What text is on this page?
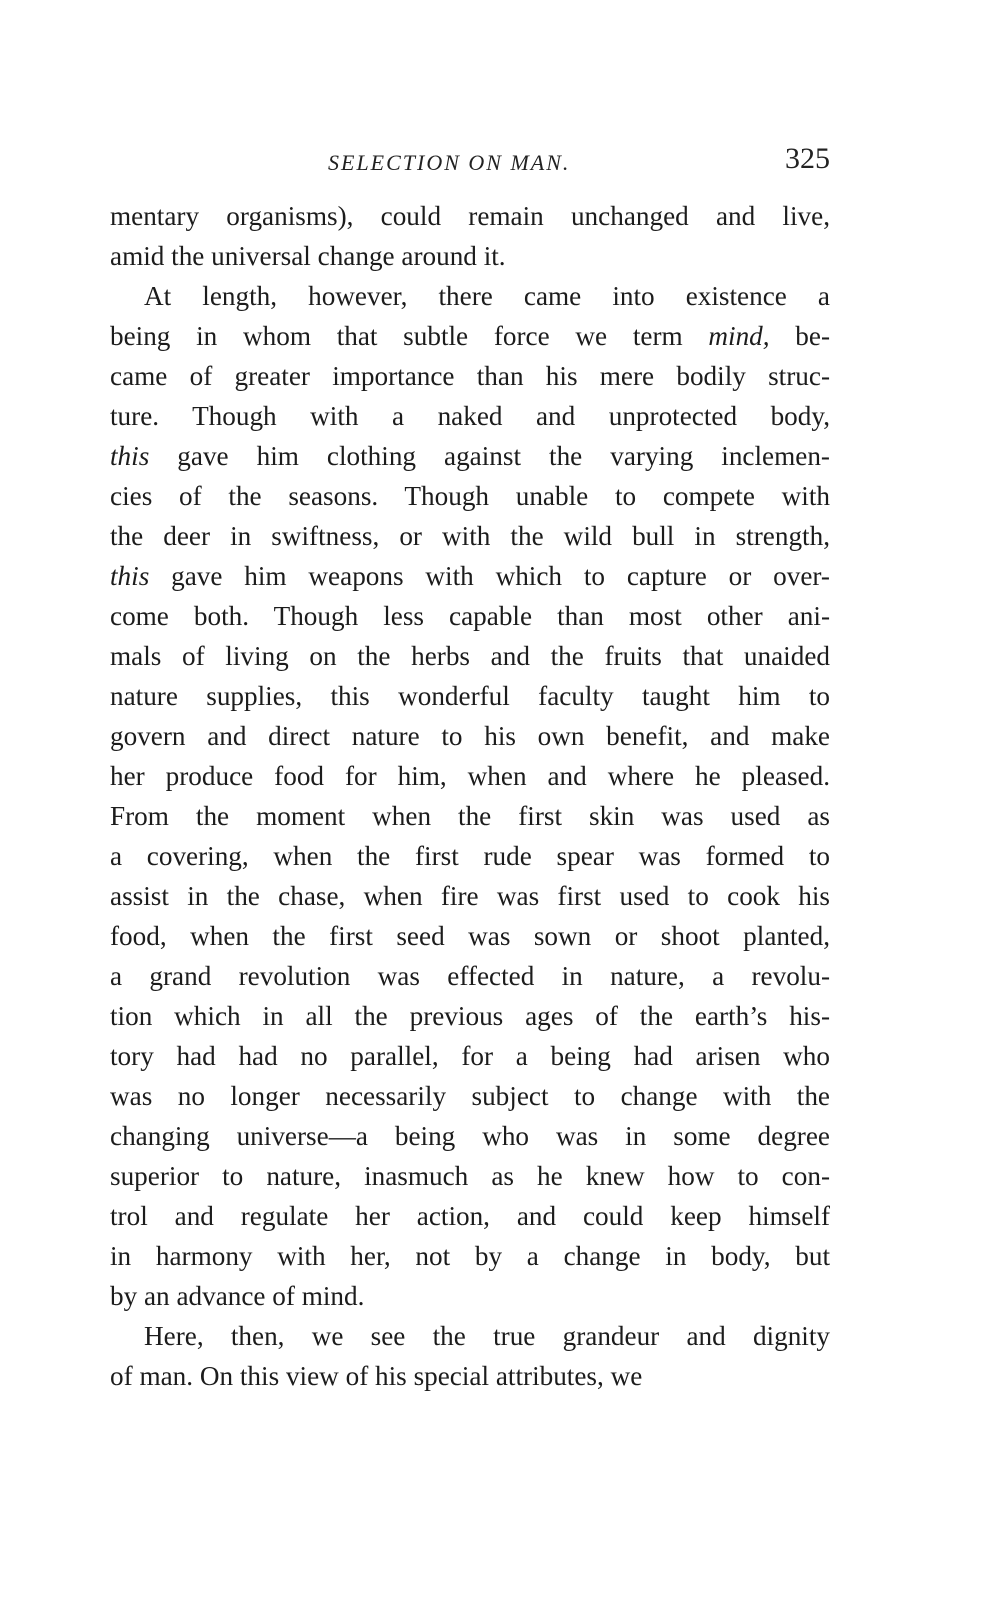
SELECTION ON MAN.	325
mentary organisms), could remain unchanged and live,
amid the universal change around it.
At length, however, there came into existence a
being in whom that subtle force we term mind, be-
came of greater importance than his mere bodily struc-
ture. Though with a naked and unprotected body,
this gave him clothing against the varying inclemen-
cies of the seasons. Though unable to compete with
the deer in swiftness, or with the wild bull in strength,
this gave him weapons with which to capture or over-
come both. Though less capable than most other ani-
mals of living on the herbs and the fruits that unaided
nature supplies, this wonderful faculty taught him to
govern and direct nature to his own benefit, and make
her produce food for him, when and where he pleased.
From the moment when the first skin was used as
a covering, when the first rude spear was formed to
assist in the chase, when fire was first used to cook his
food, when the first seed was sown or shoot planted,
a grand revolution was effected in nature, a revolu-
tion which in all the previous ages of the earth’s his-
tory had had no parallel, for a being had arisen who
was no longer necessarily subject to change with the
changing universe—a being who was in some degree
superior to nature, inasmuch as he knew how to con-
trol and regulate her action, and could keep himself
in harmony with her, not by a change in body, but
by an advance of mind.
Here, then, we see the true grandeur and dignity
of man. On this view of his special attributes, we
